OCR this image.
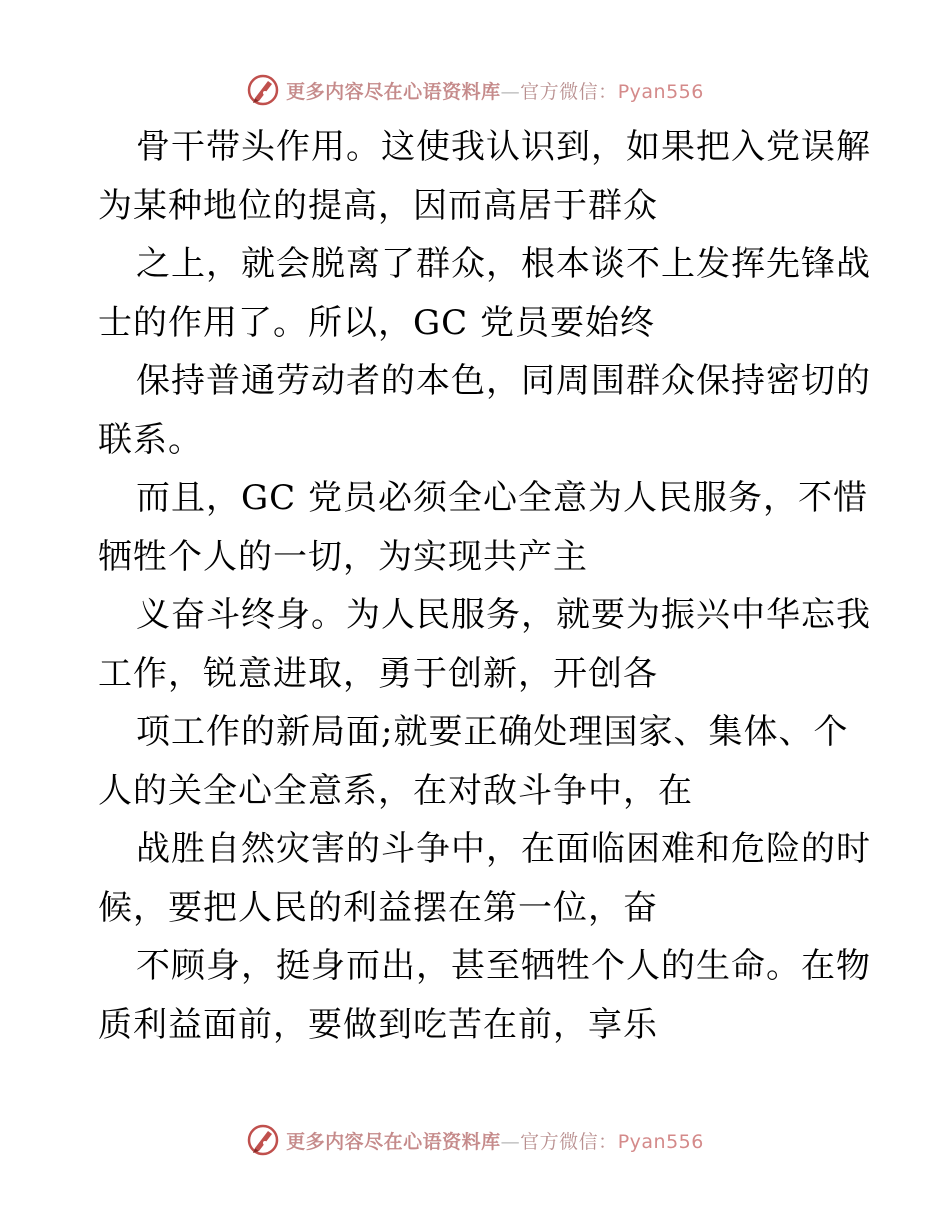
更多内容尽在心语资料库—官方微信：Pyan556
骨干带头作用。这使我认识到，如果把入党误解
为某种地位的提高，因而高居于群众
之上，就会脱离了群众，根本谈不上发挥先锋战
士的作用了。所以，GC 党员要始终
保持普通劳动者的本色，同周围群众保持密切的
联系。
而且，GC 党员必须全心全意为人民服务，不惜
牺牲个人的一切，为实现共产主
义奋斗终身。为人民服务，就要为振兴中华忘我
工作，锐意进取，勇于创新，开创各
项工作的新局面;就要正确处理国家、集体、个
人的关全心全意系，在对敌斗争中，在
战胜自然灾害的斗争中，在面临困难和危险的时
候，要把人民的利益摆在第一位，奋
不顾身，挺身而出，甚至牺牲个人的生命。在物
质利益面前，要做到吃苦在前，享乐
更多内容尽在心语资料库—官方微信：Pyan556
